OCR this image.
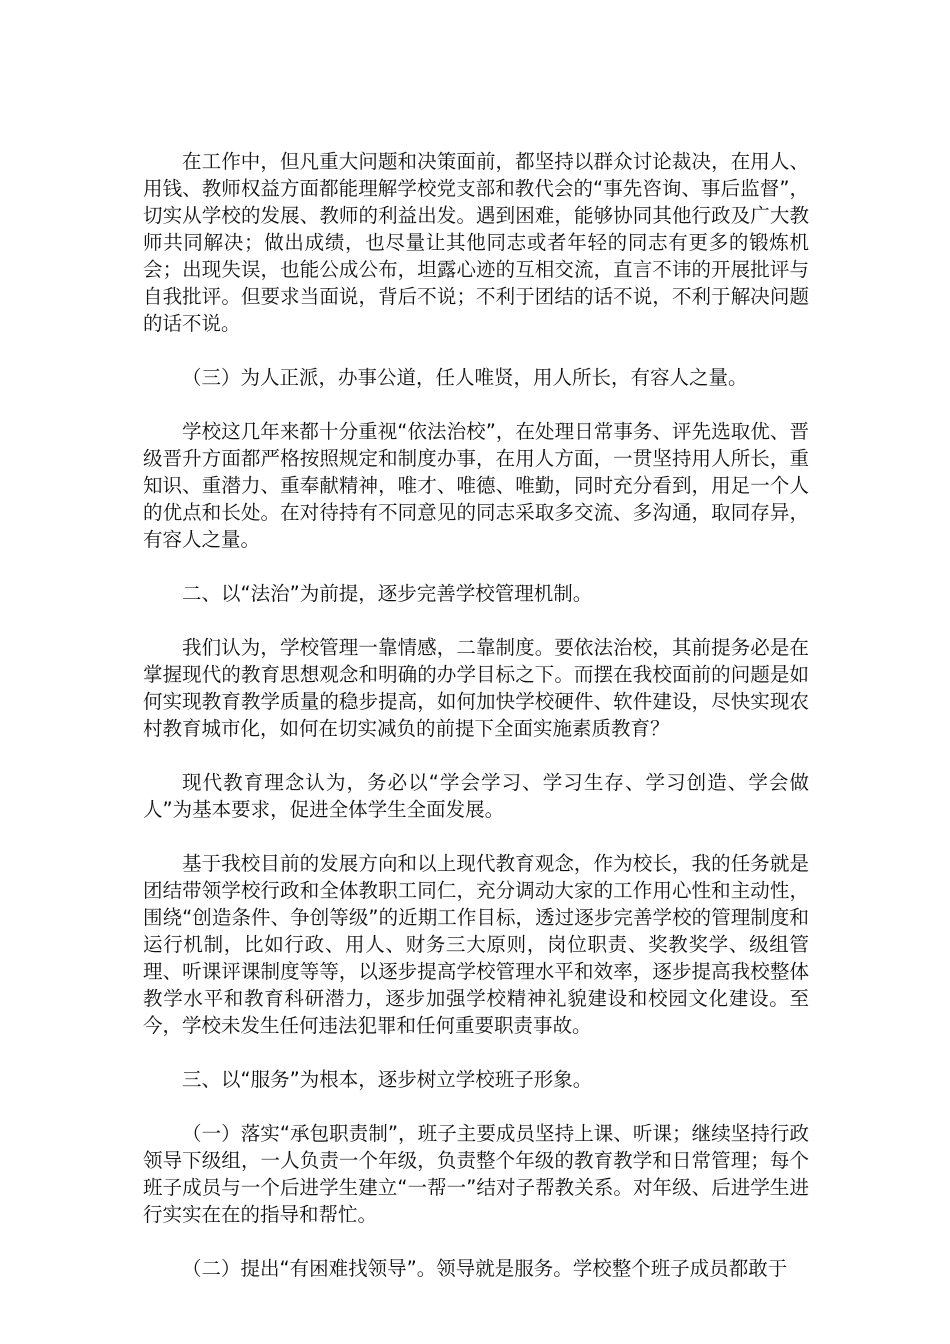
在工作中，但凡重大问题和决策面前，都坚持以群众讨论裁决，在用人、用钱、教师权益方面都能理解学校党支部和教代会的“事先咨询、事后监督”，切实从学校的发展、教师的利益出发。遇到困难，能够协同其他行政及广大教师共同解决；做出成绩，也尽量让其他同志或者年轻的同志有更多的锻炼机会；出现失误，也能公成公布，坦露心迹的互相交流，直言不讳的开展批评与自我批评。但要求当面说，背后不说；不利于团结的话不说，不利于解决问题的话不说。

（三）为人正派，办事公道，任人唯贤，用人所长，有容人之量。

学校这几年来都十分重视“依法治校”，在处理日常事务、评先选取优、晋级晋升方面都严格按照规定和制度办事，在用人方面，一贯坚持用人所长，重知识、重潜力、重奉献精神，唯才、唯德、唯勤，同时充分看到，用足一个人的优点和长处。在对待持有不同意见的同志采取多交流、多沟通，取同存异，有容人之量。

二、以“法治”为前提，逐步完善学校管理机制。

我们认为，学校管理一靠情感，二靠制度。要依法治校，其前提务必是在掌握现代的教育思想观念和明确的办学目标之下。而摆在我校面前的问题是如何实现教育教学质量的稳步提高，如何加快学校硬件、软件建设，尽快实现农村教育城市化，如何在切实减负的前提下全面实施素质教育？

现代教育理念认为，务必以“学会学习、学习生存、学习创造、学会做人”为基本要求，促进全体学生全面发展。

基于我校目前的发展方向和以上现代教育观念，作为校长，我的任务就是团结带领学校行政和全体教职工同仁，充分调动大家的工作用心性和主动性，围绕“创造条件、争创等级”的近期工作目标，透过逐步完善学校的管理制度和运行机制，比如行政、用人、财务三大原则，岗位职责、奖教奖学、级组管理、听课评课制度等等，以逐步提高学校管理水平和效率，逐步提高我校整体教学水平和教育科研潜力，逐步加强学校精神礼貌建设和校园文化建设。至今，学校未发生任何违法犯罪和任何重要职责事故。

三、以“服务”为根本，逐步树立学校班子形象。

（一）落实“承包职责制”，班子主要成员坚持上课、听课；继续坚持行政领导下级组，一人负责一个年级，负责整个年级的教育教学和日常管理；每个班子成员与一个后进学生建立“一帮一”结对子帮教关系。对年级、后进学生进行实实在在的指导和帮忙。

（二）提出“有困难找领导”。领导就是服务。学校整个班子成员都敢于
